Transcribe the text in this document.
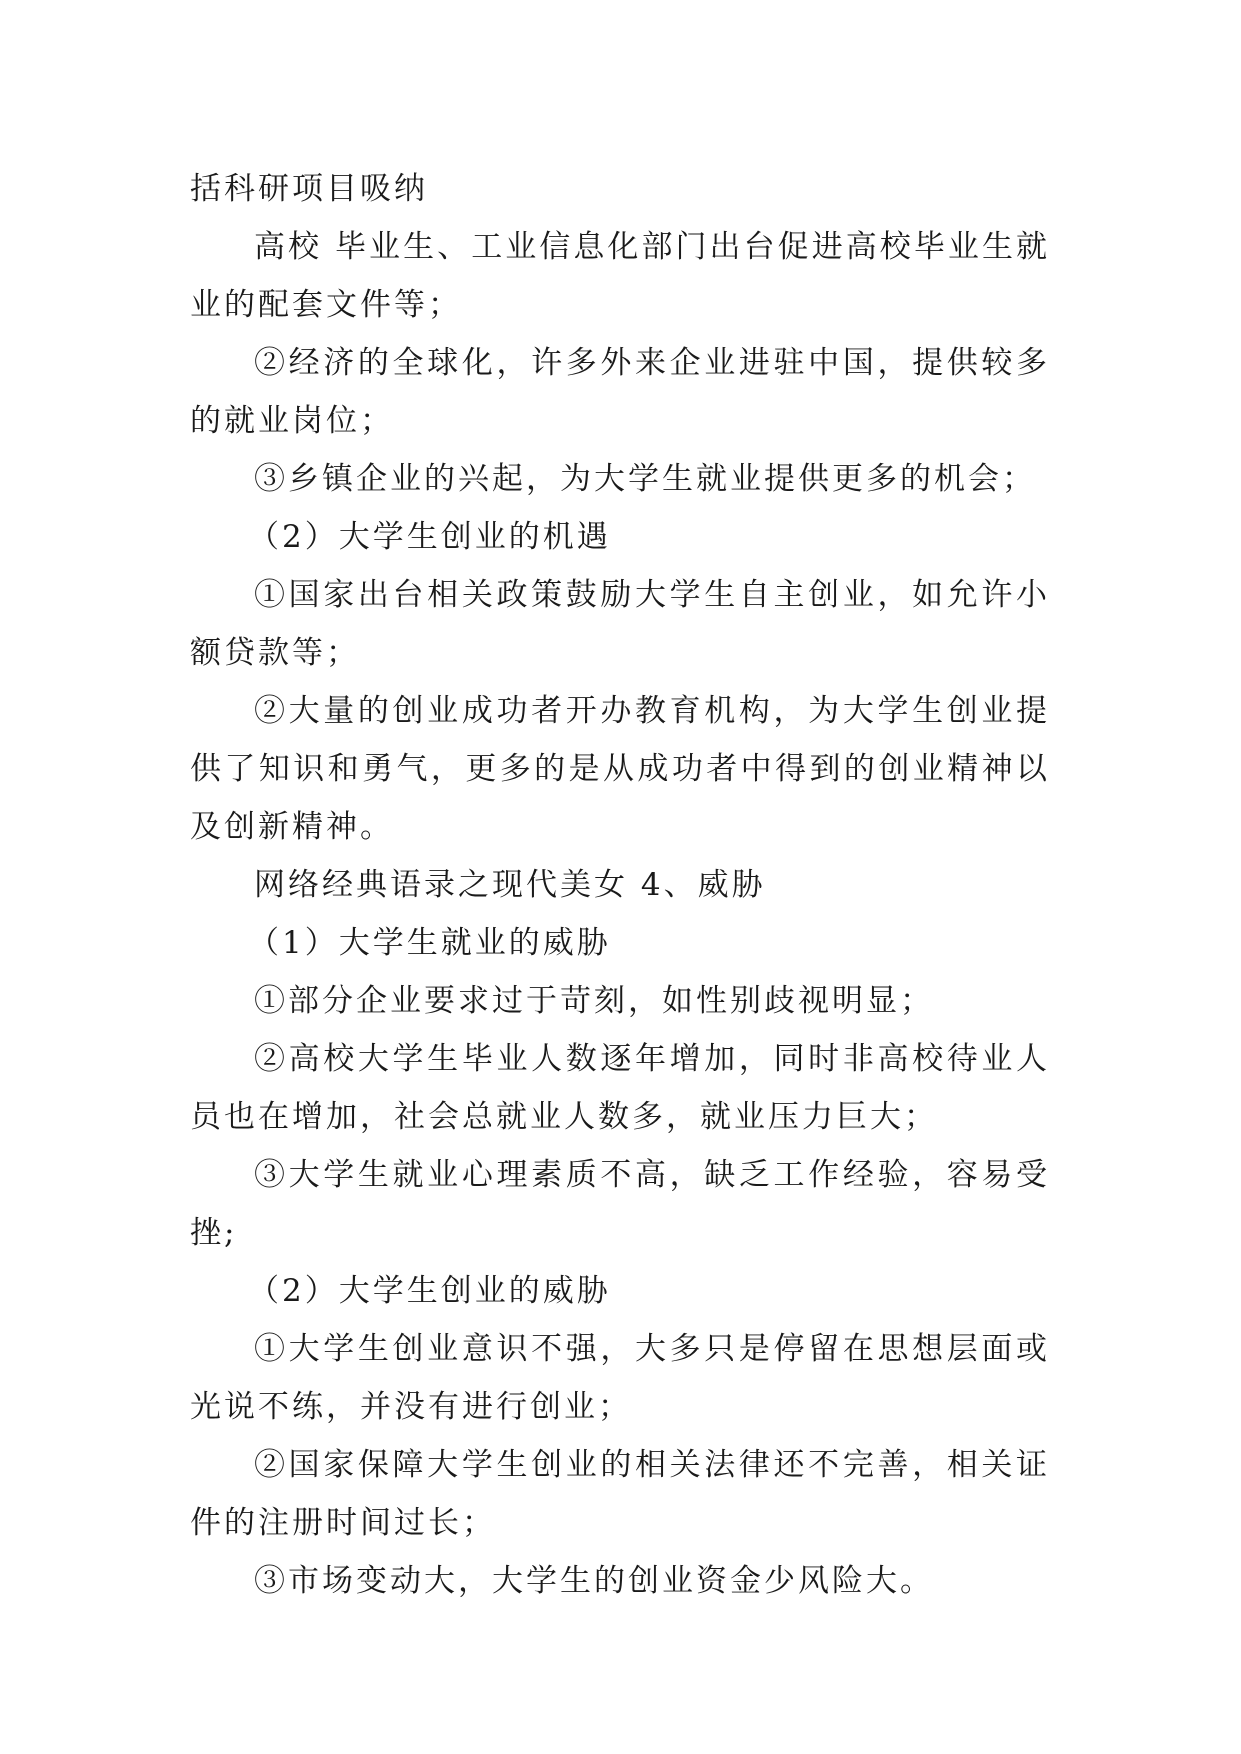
括科研项目吸纳

高校 毕业生、工业信息化部门出台促进高校毕业生就业的配套文件等；

②经济的全球化，许多外来企业进驻中国，提供较多的就业岗位；

③乡镇企业的兴起，为大学生就业提供更多的机会；

（2）大学生创业的机遇

①国家出台相关政策鼓励大学生自主创业，如允许小额贷款等；

②大量的创业成功者开办教育机构，为大学生创业提供了知识和勇气，更多的是从成功者中得到的创业精神以及创新精神。

网络经典语录之现代美女 4、威胁

（1）大学生就业的威胁

①部分企业要求过于苛刻，如性别歧视明显；

②高校大学生毕业人数逐年增加，同时非高校待业人员也在增加，社会总就业人数多，就业压力巨大；

③大学生就业心理素质不高，缺乏工作经验，容易受挫;

（2）大学生创业的威胁

①大学生创业意识不强，大多只是停留在思想层面或光说不练，并没有进行创业；

②国家保障大学生创业的相关法律还不完善，相关证件的注册时间过长；

③市场变动大，大学生的创业资金少风险大。
